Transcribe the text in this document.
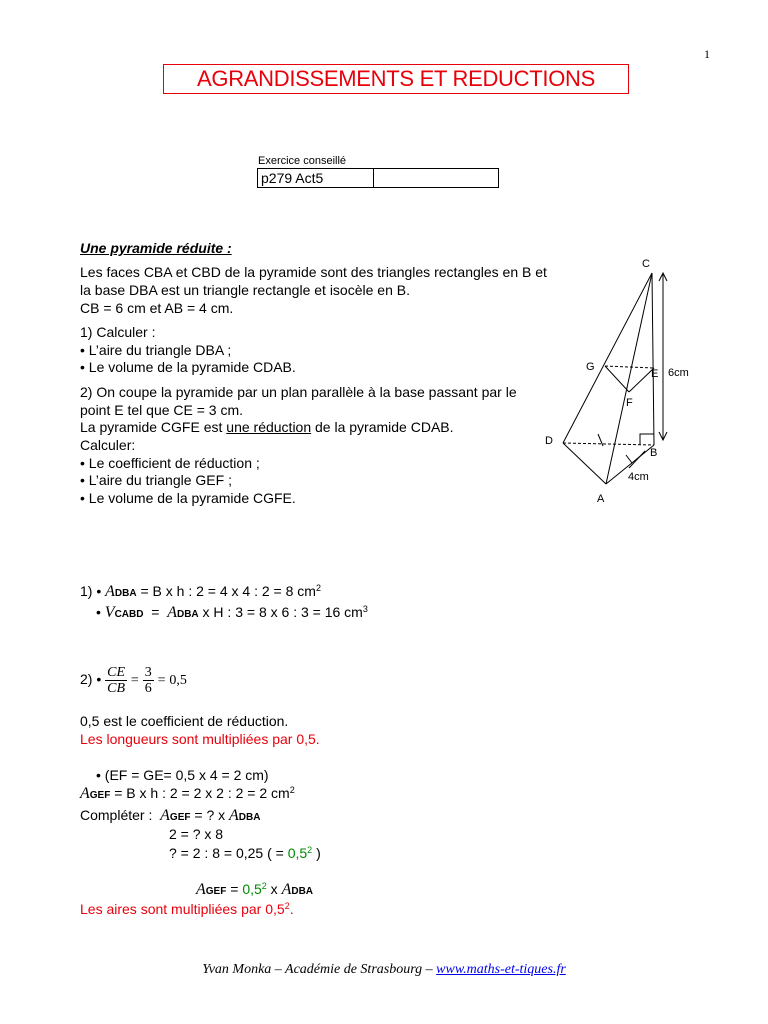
1
AGRANDISSEMENTS ET REDUCTIONS
Exercice conseillé
p279 Act5
Une pyramide réduite :
Les faces CBA et CBD de la pyramide sont des triangles rectangles en B et
la base DBA est un triangle rectangle et isocèle en B.
CB = 6 cm et AB = 4 cm.
1) Calculer :
• L’aire du triangle DBA ;
• Le volume de la pyramide CDAB.
2) On coupe la pyramide par un plan parallèle à la base passant par le
point E tel que CE = 3 cm.
La pyramide CGFE est une réduction de la pyramide CDAB.
Calculer:
• Le coefficient de réduction ;
• L’aire du triangle GEF ;
• Le volume de la pyramide CGFE.
C
G
E 6cm
F
D
B
4cm
A
1) • ADBA = B x h : 2 = 4 x 4 : 2 = 8 $cm^2$
• VCABD  =  ADBA x H : 3 = 8 x 6 : 3 = 16 $cm^3$
2) • $\frac{CE}{CB} = \frac{3}{6} = 0,5$
0,5 est le coefficient de réduction.
Les longueurs sont multipliées par 0,5.
• (EF = GE= 0,5 x 4 = 2 cm)
AGEF = B x h : 2 = 2 x 2 : 2 = 2 $cm^2$
Compléter :  AGEF = ? x ADBA
2 = ? x 8
? = 2 : 8 = 0,25 ( = $0,5^2$ )
AGEF = $0,5^2$ x ADBA
Les aires sont multipliées par $0,5^2$.
Yvan Monka – Académie de Strasbourg – www.maths-et-tiques.fr
